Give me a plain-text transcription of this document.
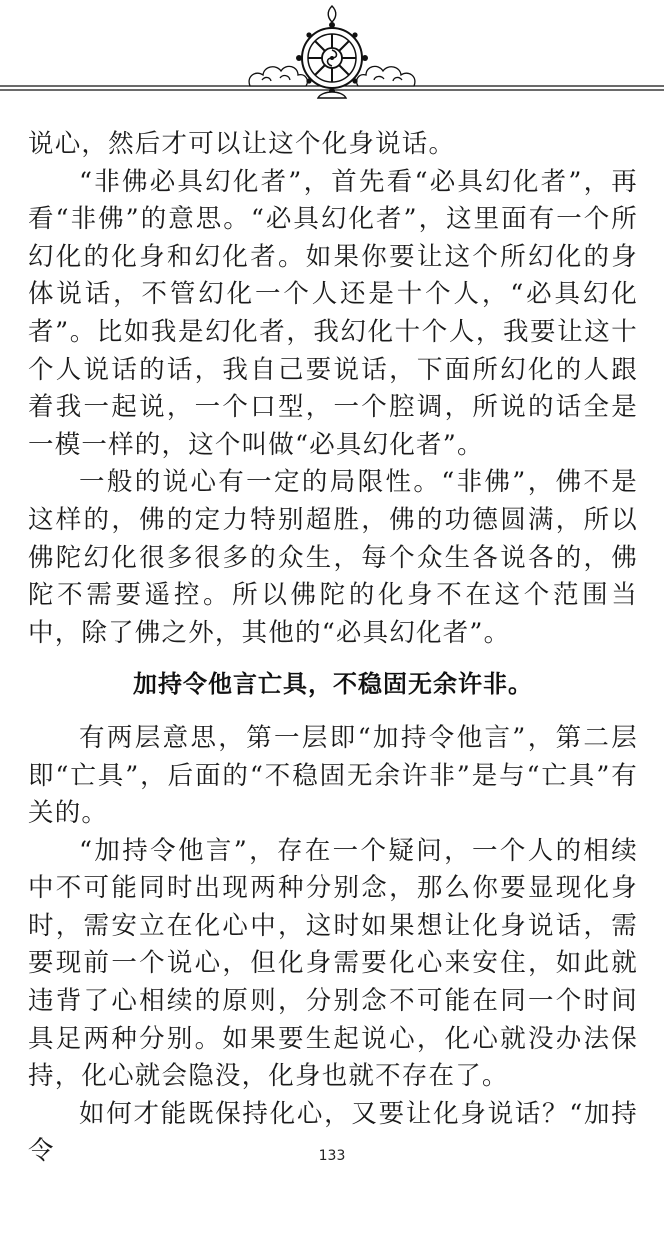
说心，然后才可以让这个化身说话。

“非佛必具幻化者”，首先看“必具幻化者”，再看“非佛”的意思。“必具幻化者”，这里面有一个所幻化的化身和幻化者。如果你要让这个所幻化的身体说话，不管幻化一个人还是十个人，“必具幻化者”。比如我是幻化者，我幻化十个人，我要让这十个人说话的话，我自己要说话，下面所幻化的人跟着我一起说，一个口型，一个腔调，所说的话全是一模一样的，这个叫做“必具幻化者”。

一般的说心有一定的局限性。“非佛”，佛不是这样的，佛的定力特别超胜，佛的功德圆满，所以佛陀幻化很多很多的众生，每个众生各说各的，佛陀不需要遥控。所以佛陀的化身不在这个范围当中，除了佛之外，其他的“必具幻化者”。

加持令他言亡具，不稳固无余许非。

有两层意思，第一层即“加持令他言”，第二层即“亡具”，后面的“不稳固无余许非”是与“亡具”有关的。

“加持令他言”，存在一个疑问，一个人的相续中不可能同时出现两种分别念，那么你要显现化身时，需安立在化心中，这时如果想让化身说话，需要现前一个说心，但化身需要化心来安住，如此就违背了心相续的原则，分别念不可能在同一个时间具足两种分别。如果要生起说心，化心就没办法保持，化心就会隐没，化身也就不存在了。

如何才能既保持化心，又要让化身说话？“加持令	133
